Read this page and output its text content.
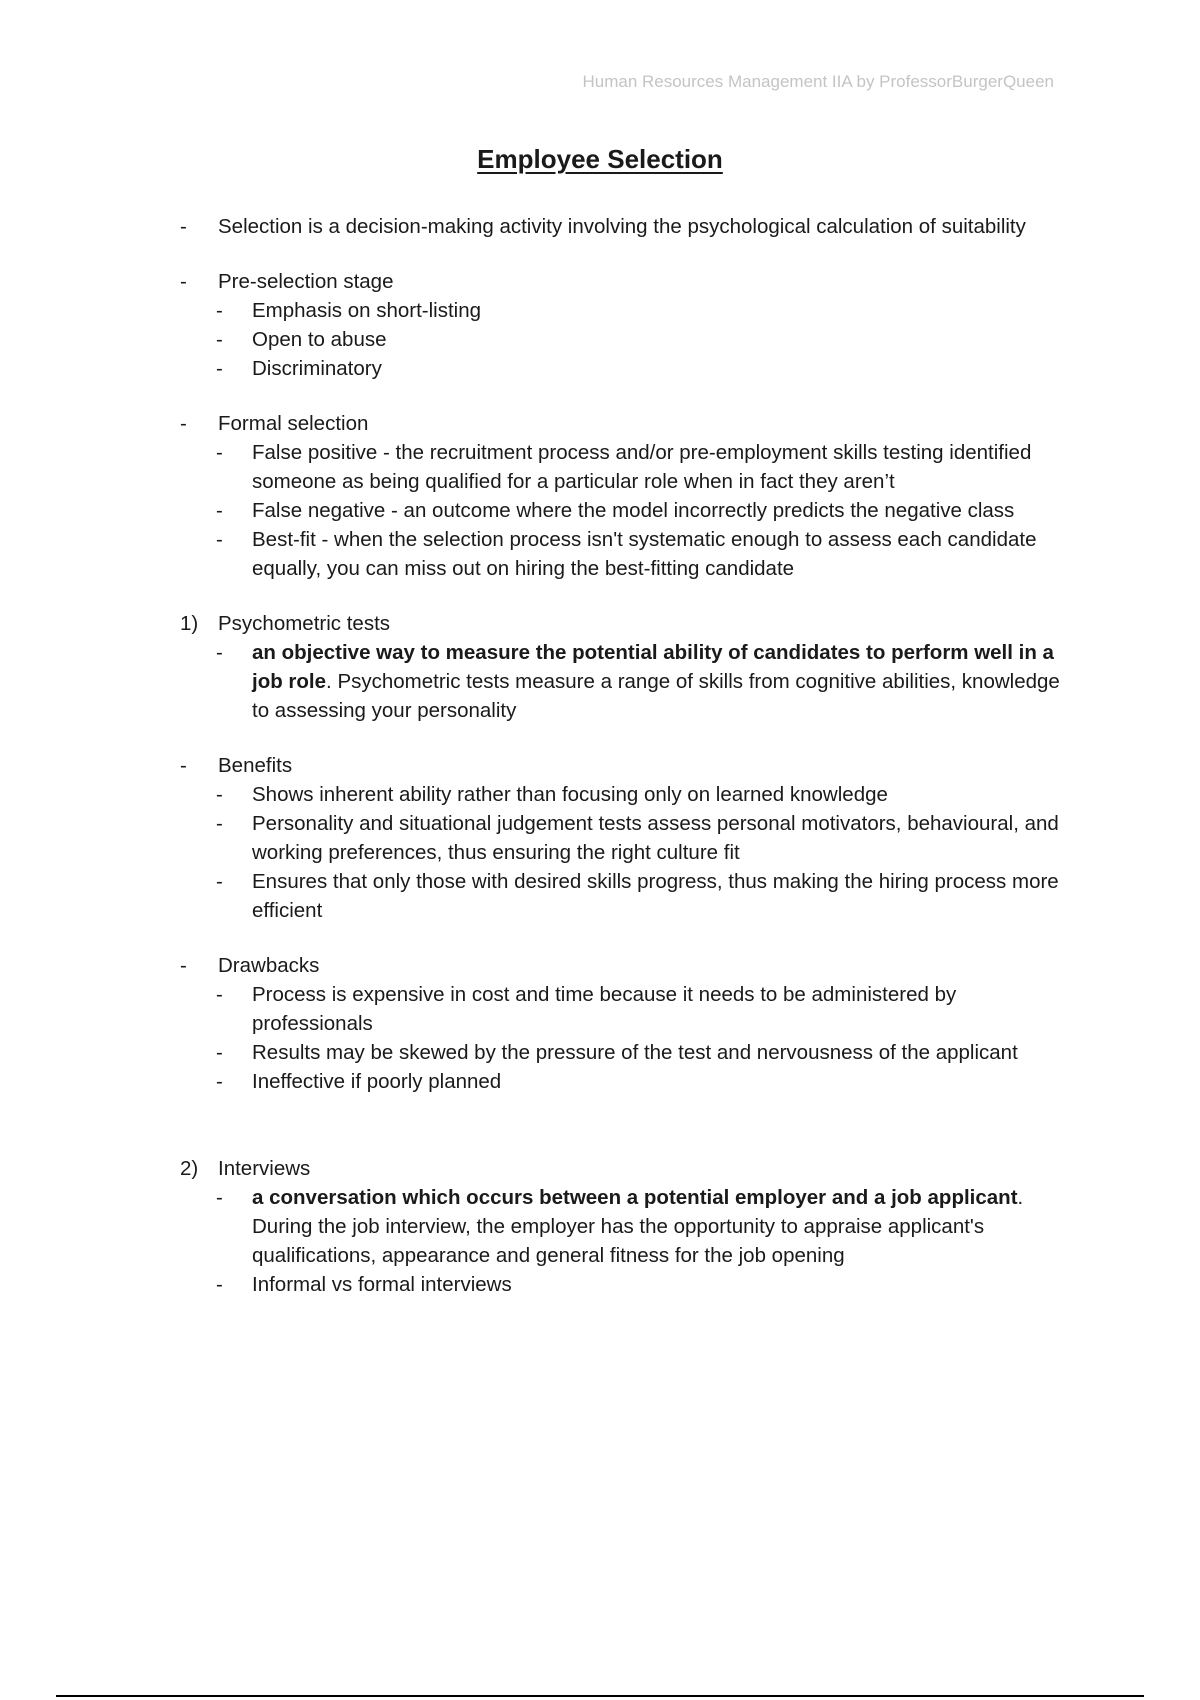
Human Resources Management IIA by ProfessorBurgerQueen
Employee Selection
-	Selection is a decision-making activity involving the psychological calculation of suitability
-	Pre-selection stage
-	Emphasis on short-listing
-	Open to abuse
-	Discriminatory
-	Formal selection
-	False positive - the recruitment process and/or pre-employment skills testing identified someone as being qualified for a particular role when in fact they aren’t
-	False negative - an outcome where the model incorrectly predicts the negative class
-	Best-fit - when the selection process isn't systematic enough to assess each candidate equally, you can miss out on hiring the best-fitting candidate
1) Psychometric tests
-	an objective way to measure the potential ability of candidates to perform well in a job role. Psychometric tests measure a range of skills from cognitive abilities, knowledge to assessing your personality
-	Benefits
-	Shows inherent ability rather than focusing only on learned knowledge
-	Personality and situational judgement tests assess personal motivators, behavioural, and working preferences, thus ensuring the right culture fit
-	Ensures that only those with desired skills progress, thus making the hiring process more efficient
-	Drawbacks
-	Process is expensive in cost and time because it needs to be administered by professionals
-	Results may be skewed by the pressure of the test and nervousness of the applicant
-	Ineffective if poorly planned
2) Interviews
-	a conversation which occurs between a potential employer and a job applicant. During the job interview, the employer has the opportunity to appraise applicant's qualifications, appearance and general fitness for the job opening
-	Informal vs formal interviews
